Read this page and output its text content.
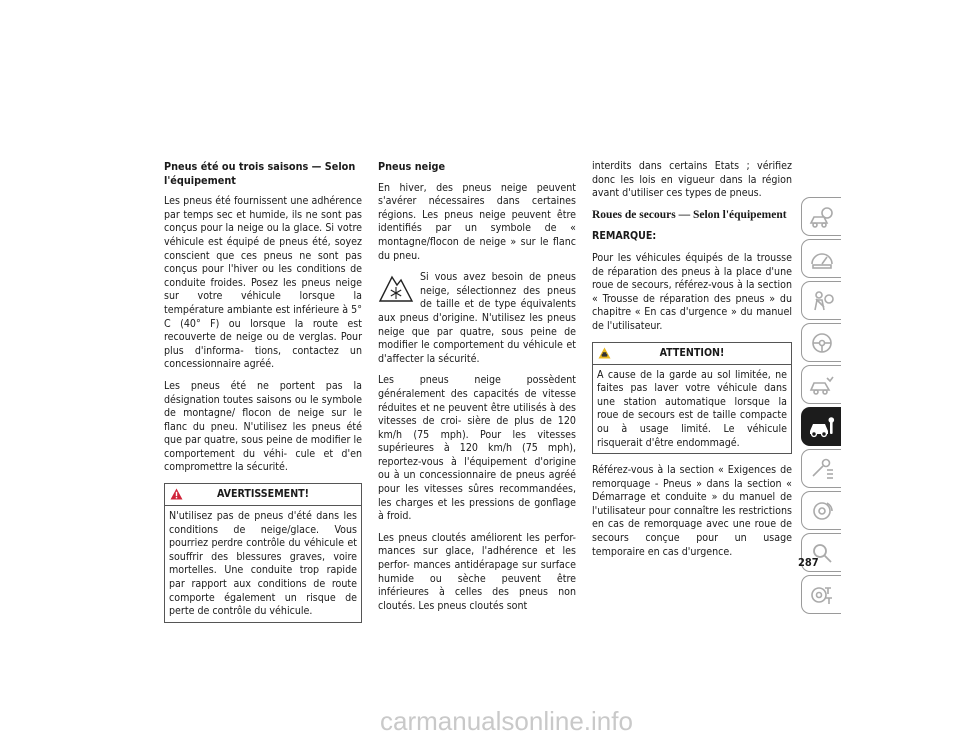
Pneus été ou trois saisons — Selon l'équipement

Les pneus été fournissent une adhérence par temps sec et humide, ils ne sont pas conçus pour la neige ou la glace. Si votre véhicule est équipé de pneus été, soyez conscient que ces pneus ne sont pas conçus pour l'hiver ou les conditions de conduite froides. Posez les pneus neige sur votre véhicule lorsque la température ambiante est inférieure à 5° C (40° F) ou lorsque la route est recouverte de neige ou de verglas. Pour plus d'informa- tions, contactez un concessionnaire agréé.

Les pneus été ne portent pas la désignation toutes saisons ou le symbole de montagne/ flocon de neige sur le flanc du pneu. N'utilisez les pneus été que par quatre, sous peine de modifier le comportement du véhi- cule et d'en compromettre la sécurité.

AVERTISSEMENT!
N'utilisez pas de pneus d'été dans les conditions de neige/glace. Vous pourriez perdre contrôle du véhicule et souffrir des blessures graves, voire mortelles. Une conduite trop rapide par rapport aux conditions de route comporte également un risque de perte de contrôle du véhicule.
Pneus neige

En hiver, des pneus neige peuvent s'avérer nécessaires dans certaines régions. Les pneus neige peuvent être identifiés par un symbole de « montagne/flocon de neige » sur le flanc du pneu.

Si vous avez besoin de pneus neige, sélectionnez des pneus de taille et de type équivalents aux pneus d'origine. N'utilisez les pneus neige que par quatre, sous peine de modifier le comportement du véhicule et d'affecter la sécurité.

Les pneus neige possèdent généralement des capacités de vitesse réduites et ne peuvent être utilisés à des vitesses de croi- sière de plus de 120 km/h (75 mph). Pour les vitesses supérieures à 120 km/h (75 mph), reportez-vous à l'équipement d'origine ou à un concessionnaire de pneus agréé pour les vitesses sûres recommandées, les charges et les pressions de gonflage à froid.

Les pneus cloutés améliorent les perfor- mances sur glace, l'adhérence et les perfor- mances antidérapage sur surface humide ou sèche peuvent être inférieures à celles des pneus non cloutés. Les pneus cloutés sont

interdits dans certains Etats ; vérifiez donc les lois en vigueur dans la région avant d'utiliser ces types de pneus.

Roues de secours — Selon l'équipement

REMARQUE:

Pour les véhicules équipés de la trousse de réparation des pneus à la place d'une roue de secours, référez-vous à la section « Trousse de réparation des pneus » du chapitre « En cas d'urgence » du manuel de l'utilisateur.

ATTENTION!
A cause de la garde au sol limitée, ne faites pas laver votre véhicule dans une station automatique lorsque la roue de secours est de taille compacte ou à usage limité. Le véhicule risquerait d'être endommagé.

Référez-vous à la section « Exigences de remorquage - Pneus » dans la section « Démarrage et conduite » du manuel de l'utilisateur pour connaître les restrictions en cas de remorquage avec une roue de secours conçue pour un usage temporaire en cas d'urgence.

287
carmanualsonline.info
